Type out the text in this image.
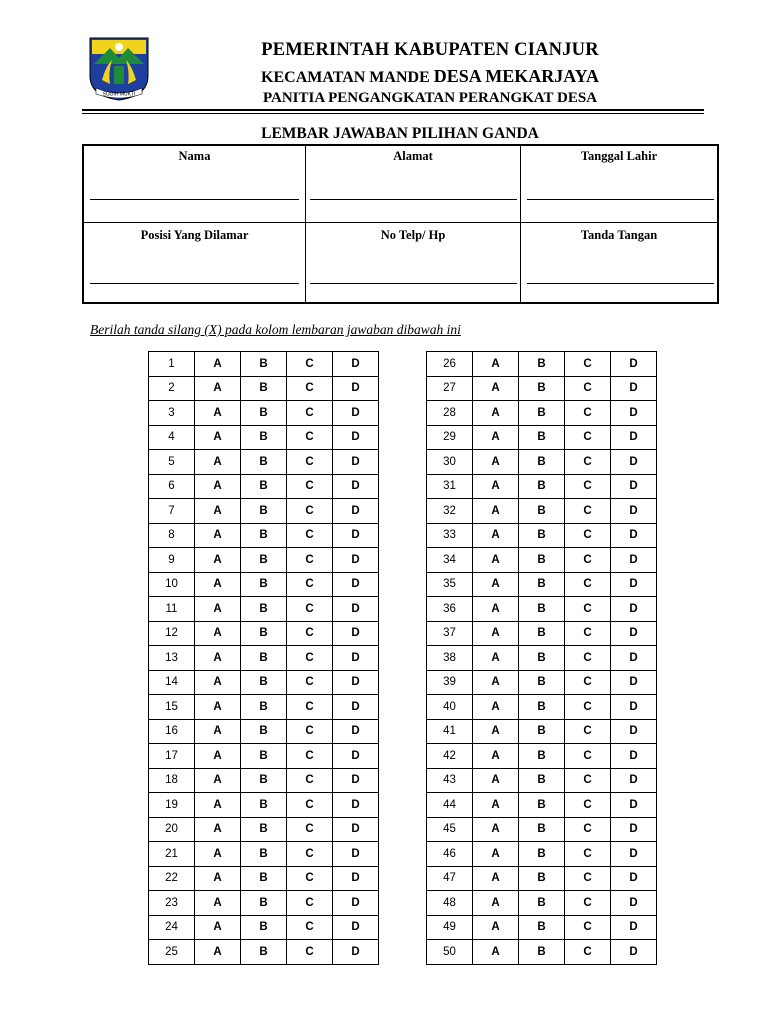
SUGIH MUKTI
PEMERINTAH KABUPATEN CIANJUR
KECAMATAN MANDE DESA MEKARJAYA
PANITIA PENGANGKATAN PERANGKAT DESA
LEMBAR JAWABAN PILIHAN GANDA
Nama	Alamat	Tanggal Lahir
Posisi Yang Dilamar	No Telp/ Hp	Tanda Tangan
Berilah tanda silang (X) pada kolom lembaran jawaban dibawah ini
1	A	B	C	D
2	A	B	C	D
3	A	B	C	D
4	A	B	C	D
5	A	B	C	D
6	A	B	C	D
7	A	B	C	D
8	A	B	C	D
9	A	B	C	D
10	A	B	C	D
11	A	B	C	D
12	A	B	C	D
13	A	B	C	D
14	A	B	C	D
15	A	B	C	D
16	A	B	C	D
17	A	B	C	D
18	A	B	C	D
19	A	B	C	D
20	A	B	C	D
21	A	B	C	D
22	A	B	C	D
23	A	B	C	D
24	A	B	C	D
25	A	B	C	D
26	A	B	C	D
27	A	B	C	D
28	A	B	C	D
29	A	B	C	D
30	A	B	C	D
31	A	B	C	D
32	A	B	C	D
33	A	B	C	D
34	A	B	C	D
35	A	B	C	D
36	A	B	C	D
37	A	B	C	D
38	A	B	C	D
39	A	B	C	D
40	A	B	C	D
41	A	B	C	D
42	A	B	C	D
43	A	B	C	D
44	A	B	C	D
45	A	B	C	D
46	A	B	C	D
47	A	B	C	D
48	A	B	C	D
49	A	B	C	D
50	A	B	C	D
